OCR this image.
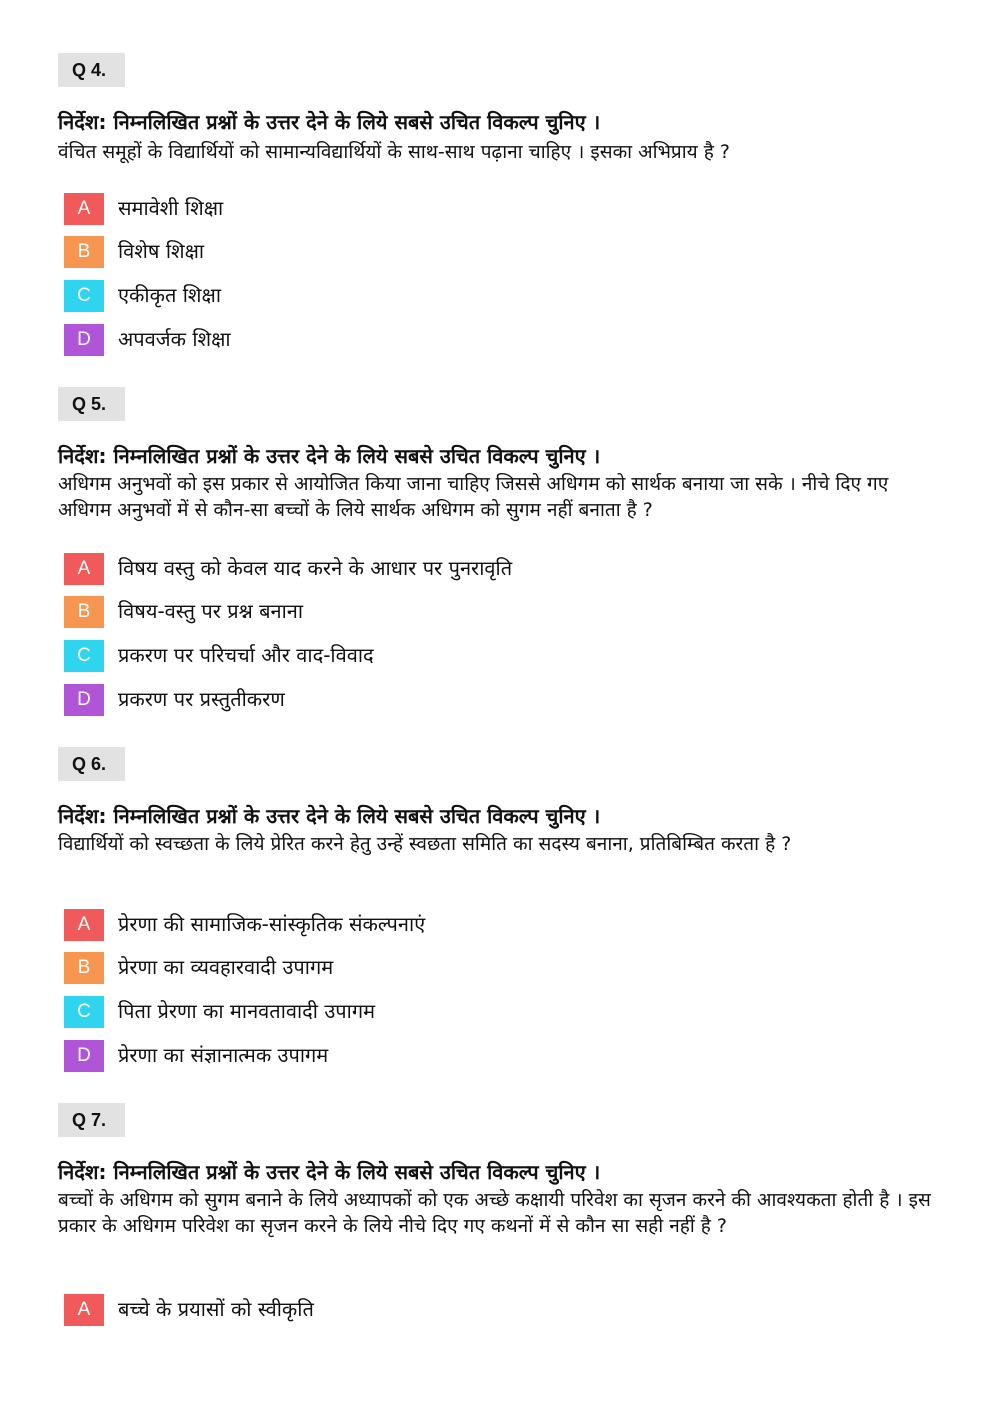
Q 4.
निर्देश: निम्नलिखित प्रश्नों के उत्तर देने के लिये सबसे उचित विकल्प चुनिए ।
वंचित समूहों के विद्यार्थियों को सामान्यविद्यार्थियों के साथ-साथ पढ़ाना चाहिए । इसका अभिप्राय है ?
A	समावेशी शिक्षा
B	विशेष शिक्षा
C	एकीकृत शिक्षा
D	अपवर्जक शिक्षा
Q 5.
निर्देश: निम्नलिखित प्रश्नों के उत्तर देने के लिये सबसे उचित विकल्प चुनिए ।
अधिगम अनुभवों को इस प्रकार से आयोजित किया जाना चाहिए जिससे अधिगम को सार्थक बनाया जा सके । नीचे दिए गए अधिगम अनुभवों में से कौन-सा बच्चों के लिये सार्थक अधिगम को सुगम नहीं बनाता है ?
A	विषय वस्तु को केवल याद करने के आधार पर पुनरावृति
B	विषय-वस्तु पर प्रश्न बनाना
C	प्रकरण पर परिचर्चा और वाद-विवाद
D	प्रकरण पर प्रस्तुतीकरण
Q 6.
निर्देश: निम्नलिखित प्रश्नों के उत्तर देने के लिये सबसे उचित विकल्प चुनिए ।
विद्यार्थियों को स्वच्छता के लिये प्रेरित करने हेतु उन्हें स्वछता समिति का सदस्य बनाना, प्रतिबिम्बित करता है ?
A	प्रेरणा की सामाजिक-सांस्कृतिक संकल्पनाएं
B	प्रेरणा का व्यवहारवादी उपागम
C	पिता प्रेरणा का मानवतावादी उपागम
D	प्रेरणा का संज्ञानात्मक उपागम
Q 7.
निर्देश: निम्नलिखित प्रश्नों के उत्तर देने के लिये सबसे उचित विकल्प चुनिए ।
बच्चों के अधिगम को सुगम बनाने के लिये अध्यापकों को एक अच्छे कक्षायी परिवेश का सृजन करने की आवश्यकता होती है । इस प्रकार के अधिगम परिवेश का सृजन करने के लिये नीचे दिए गए कथनों में से कौन सा सही नहीं है ?
A	बच्चे के प्रयासों को स्वीकृति
